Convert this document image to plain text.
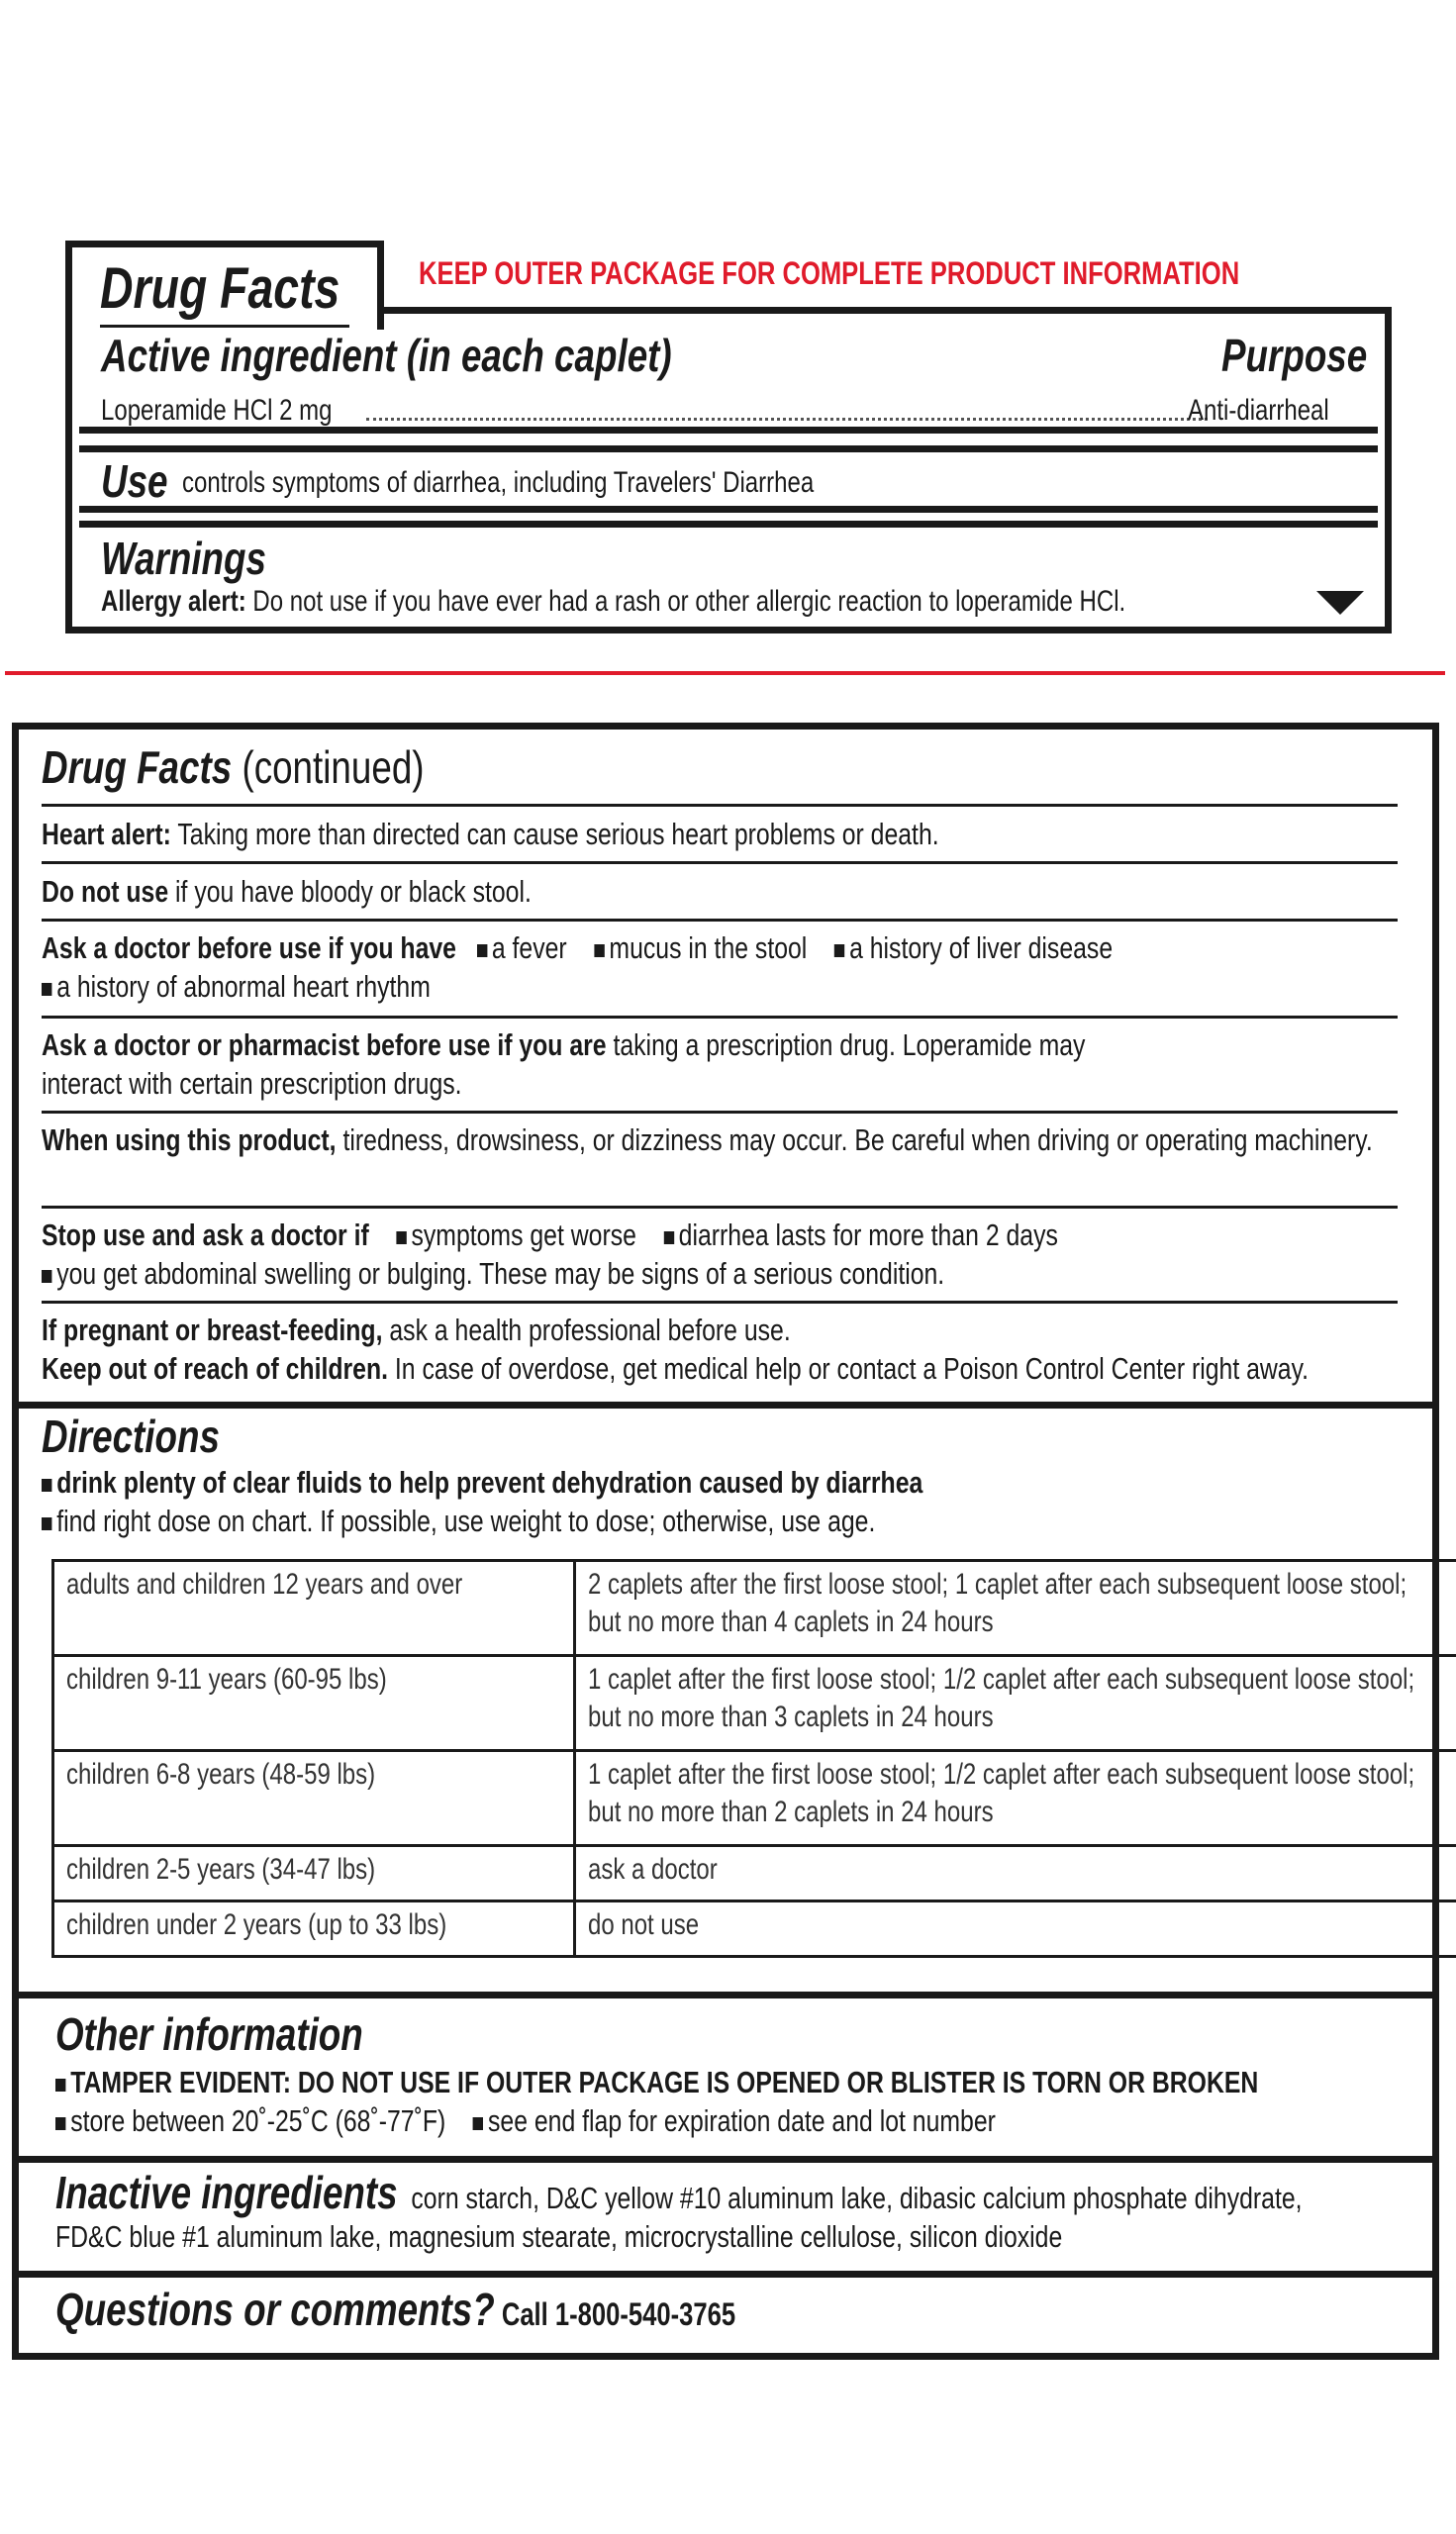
Drug Facts KEEP OUTER PACKAGE FOR COMPLETE PRODUCT INFORMATION
Active ingredient (in each caplet)	Purpose
Loperamide HCl 2 mg	Anti-diarrheal
Use controls symptoms of diarrhea, including Travelers' Diarrhea
Warnings
Allergy alert: Do not use if you have ever had a rash or other allergic reaction to loperamide HCl.
Drug Facts (continued)
Heart alert: Taking more than directed can cause serious heart problems or death.
Do not use if you have bloody or black stool.
Ask a doctor before use if you have a fever mucus in the stool a history of liver disease
a history of abnormal heart rhythm
Ask a doctor or pharmacist before use if you are taking a prescription drug. Loperamide may interact with certain prescription drugs.
When using this product, tiredness, drowsiness, or dizziness may occur. Be careful when driving or operating machinery.
Stop use and ask a doctor if symptoms get worse diarrhea lasts for more than 2 days
you get abdominal swelling or bulging. These may be signs of a serious condition.
If pregnant or breast-feeding, ask a health professional before use.
Keep out of reach of children. In case of overdose, get medical help or contact a Poison Control Center right away.
Directions
drink plenty of clear fluids to help prevent dehydration caused by diarrhea
find right dose on chart. If possible, use weight to dose; otherwise, use age.
adults and children 12 years and over	2 caplets after the first loose stool; 1 caplet after each subsequent loose stool; but no more than 4 caplets in 24 hours

children 9-11 years (60-95 lbs)	1 caplet after the first loose stool; 1/2 caplet after each subsequent loose stool; but no more than 3 caplets in 24 hours

children 6-8 years (48-59 lbs)	1 caplet after the first loose stool; 1/2 caplet after each subsequent loose stool; but no more than 2 caplets in 24 hours

children 2-5 years (34-47 lbs)	ask a doctor
children under 2 years (up to 33 lbs)	do not use
Other information
TAMPER EVIDENT: DO NOT USE IF OUTER PACKAGE IS OPENED OR BLISTER IS TORN OR BROKEN
store between 20˚-25˚C (68˚-77˚F) see end flap for expiration date and lot number
Inactive ingredients corn starch, D&C yellow #10 aluminum lake, dibasic calcium phosphate dihydrate,
FD&C blue #1 aluminum lake, magnesium stearate, microcrystalline cellulose, silicon dioxide
Questions or comments? Call 1-800-540-3765
